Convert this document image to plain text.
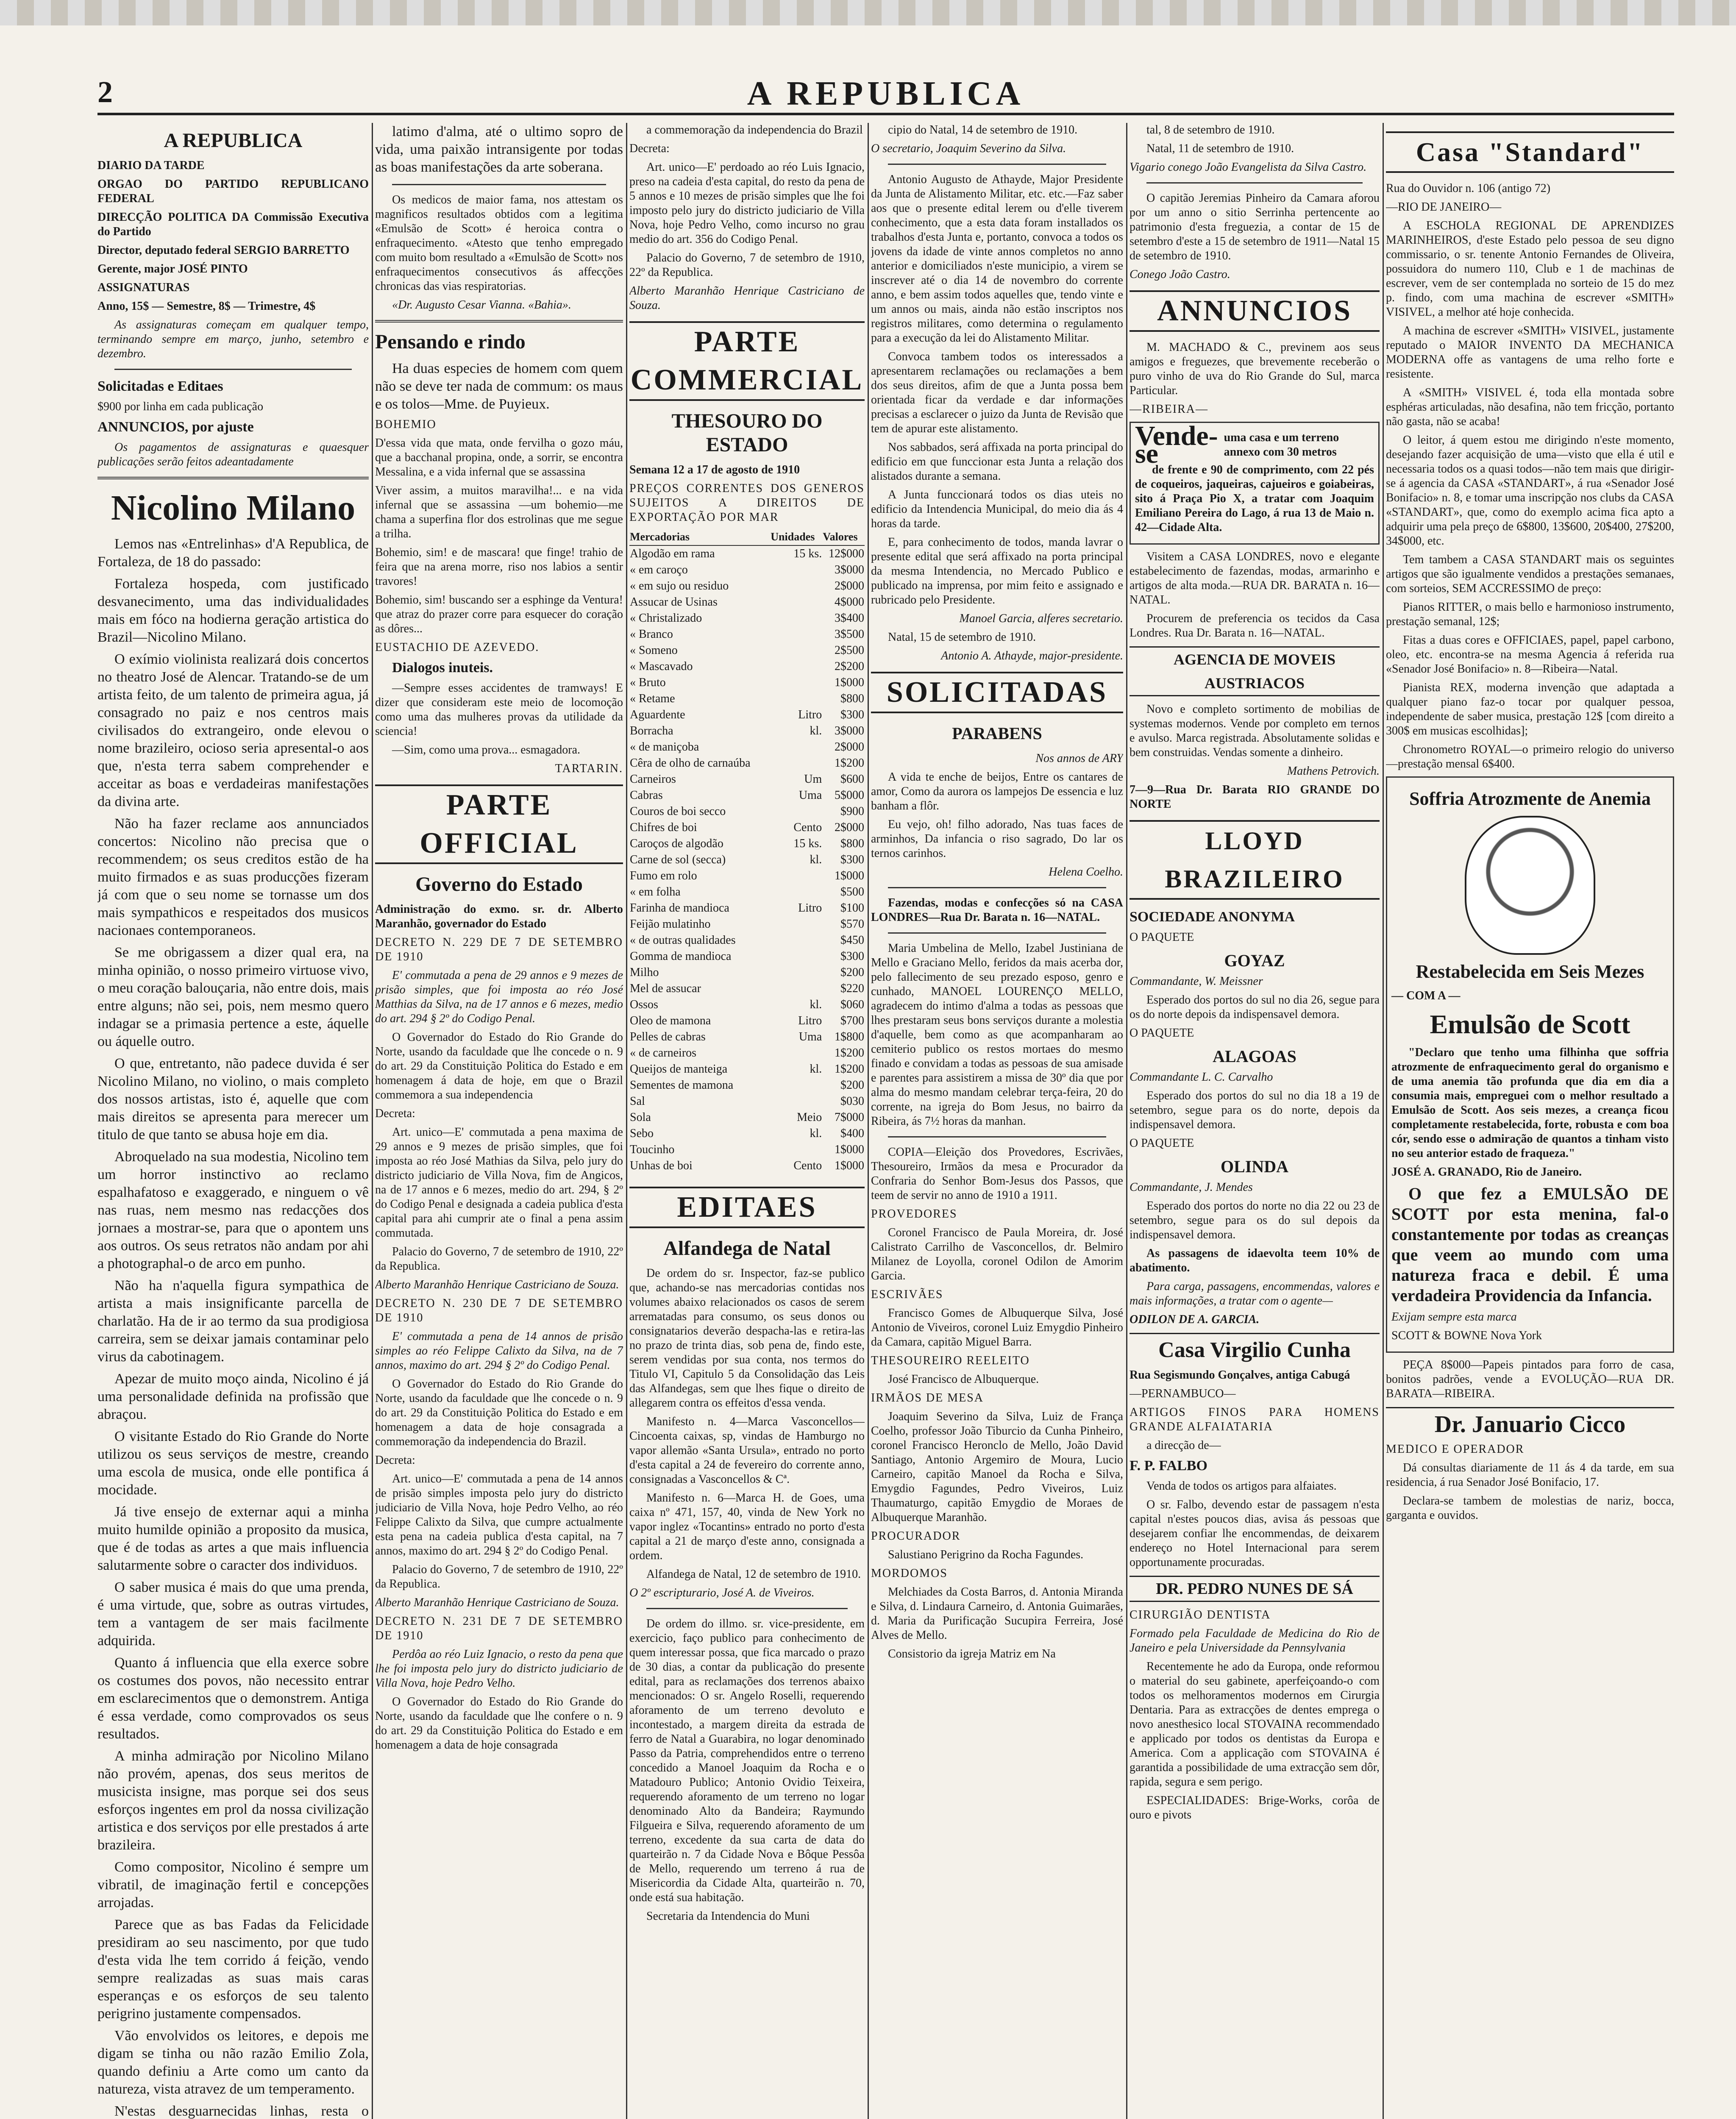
2	A REPUBLICA
A REPUBLICA

DIARIO DA TARDE

ORGAO DO PARTIDO REPUBLICANO FEDERAL

DIRECÇÃO POLITICA DA Commissão Executiva do Partido

Director, deputado federal SERGIO BARRETTO

Gerente, major JOSÉ PINTO

ASSIGNATURAS

Anno, 15$ — Semestre, 8$ — Trimestre, 4$

As assignaturas começam em qualquer tempo, terminando sempre em março, junho, setembro e dezembro.

Solicitadas e Editaes

$900 por linha em cada publicação

ANNUNCIOS, por ajuste

Os pagamentos de assignaturas e quaesquer publicações serão feitos adeantadamente

Nicolino Milano

Lemos nas «Entrelinhas» d'A Republica, de Fortaleza, de 18 do passado:

Fortaleza hospeda, com justificado desvanecimento, uma das individualidades mais em fóco na hodierna geração artistica do Brazil—Nicolino Milano.

O exímio violinista realizará dois concertos no theatro José de Alencar. Tratando-se de um artista feito, de um talento de primeira agua, já consagrado no paiz e nos centros mais civilisados do extrangeiro, onde elevou o nome brazileiro, ocioso seria apresental-o aos que, n'esta terra sabem comprehender e acceitar as boas e verdadeiras manifestações da divina arte.

Não ha fazer reclame aos annunciados concertos: Nicolino não precisa que o recommendem; os seus creditos estão de ha muito firmados e as suas producções fizeram já com que o seu nome se tornasse um dos mais sympathicos e respeitados dos musicos nacionaes contemporaneos.

Se me obrigassem a dizer qual era, na minha opinião, o nosso primeiro virtuose vivo, o meu coração balouçaria, não entre dois, mais entre alguns; não sei, pois, nem mesmo quero indagar se a primasia pertence a este, áquelle ou áquelle outro.

O que, entretanto, não padece duvida é ser Nicolino Milano, no violino, o mais completo dos nossos artistas, isto é, aquelle que com mais direitos se apresenta para merecer um titulo de que tanto se abusa hoje em dia.

Abroquelado na sua modestia, Nicolino tem um horror instinctivo ao reclamo espalhafatoso e exaggerado, e ninguem o vê nas ruas, nem mesmo nas redacções dos jornaes a mostrar-se, para que o apontem uns aos outros. Os seus retratos não andam por ahi a photographal-o de arco em punho.

Não ha n'aquella figura sympathica de artista a mais insignificante parcella de charlatão. Ha de ir ao termo da sua prodigiosa carreira, sem se deixar jamais contaminar pelo virus da cabotinagem.

Apezar de muito moço ainda, Nicolino é já uma personalidade definida na profissão que abraçou.

O visitante Estado do Rio Grande do Norte utilizou os seus serviços de mestre, creando uma escola de musica, onde elle pontifica á mocidade.

Já tive ensejo de externar aqui a minha muito humilde opinião a proposito da musica, que é de todas as artes a que mais influencia salutarmente sobre o caracter dos individuos.

O saber musica é mais do que uma prenda, é uma virtude, que, sobre as outras virtudes, tem a vantagem de ser mais facilmente adquirida.

Quanto á influencia que ella exerce sobre os costumes dos povos, não necessito entrar em esclarecimentos que o demonstrem. Antiga é essa verdade, como comprovados os seus resultados.

A minha admiração por Nicolino Milano não provém, apenas, dos seus meritos de musicista insigne, mas porque sei dos seus esforços ingentes em prol da nossa civilização artistica e dos serviços por elle prestados á arte brazileira.

Como compositor, Nicolino é sempre um vibratil, de imaginação fertil e concepções arrojadas.

Parece que as bas Fadas da Felicidade presidiram ao seu nascimento, por que tudo d'esta vida lhe tem corrido á feição, vendo sempre realizadas as suas mais caras esperanças e os esforços de seu talento perigrino justamente compensados.

Vão envolvidos os leitores, e depois me digam se tinha ou não razão Emilio Zola, quando definiu a Arte como um canto da natureza, vista atravez de um temperamento.

N'estas desguarnecidas linhas, resta o

latimo d'alma, até o ultimo sopro de vida, uma paixão intransigente por todas as boas manifestações da arte soberana.

Os medicos de maior fama, nos attestam os magnificos resultados obtidos com a legitima «Emulsão de Scott» é heroica contra o enfraquecimento. «Atesto que tenho empregado com muito bom resultado a «Emulsão de Scott» nos enfraquecimentos consecutivos ás affecções chronicas das vias respiratorias.

«Dr. Augusto Cesar Vianna. «Bahia».

Pensando e rindo

Ha duas especies de homem com quem não se deve ter nada de commum: os maus e os tolos—Mme. de Puyieux.

BOHEMIO

D'essa vida que mata, onde fervilha o gozo máu, que a bacchanal propina, onde, a sorrir, se encontra Messalina, e a vida infernal que se assassina

Viver assim, a muitos maravilha!... e na vida infernal que se assassina —um bohemio—me chama a superfina flor dos estrolinas que me segue a trilha.

Bohemio, sim! e de mascara! que finge! trahio de feira que na arena morre, riso nos labios a sentir travores!

Bohemio, sim! buscando ser a esphinge da Ventura! que atraz do prazer corre para esquecer do coração as dôres...

EUSTACHIO DE AZEVEDO.

Dialogos inuteis.

—Sempre esses accidentes de tramways! E dizer que consideram este meio de locomoção como uma das mulheres provas da utilidade da sciencia!

—Sim, como uma prova... esmagadora.

TARTARIN.

PARTE OFFICIAL
Governo do Estado

Administração do exmo. sr. dr. Alberto Maranhão, governador do Estado

DECRETO N. 229 DE 7 DE SETEMBRO DE 1910

E' commutada a pena de 29 annos e 9 mezes de prisão simples, que foi imposta ao réo José Matthias da Silva, na de 17 annos e 6 mezes, medio do art. 294 § 2º do Codigo Penal.

O Governador do Estado do Rio Grande do Norte, usando da faculdade que lhe concede o n. 9 do art. 29 da Constituição Politica do Estado e em homenagem á data de hoje, em que o Brazil commemora a sua independencia

Decreta:

Art. unico—E' commutada a pena maxima de 29 annos e 9 mezes de prisão simples, que foi imposta ao réo José Mathias da Silva, pelo jury do districto judiciario de Villa Nova, fim de Angicos, na de 17 annos e 6 mezes, medio do art. 294, § 2º do Codigo Penal e designada a cadeia publica d'esta capital para ahi cumprir ate o final a pena assim commutada.

Palacio do Governo, 7 de setembro de 1910, 22º da Republica.

Alberto Maranhão Henrique Castriciano de Souza.

DECRETO N. 230 DE 7 DE SETEMBRO DE 1910

E' commutada a pena de 14 annos de prisão simples ao réo Felippe Calixto da Silva, na de 7 annos, maximo do art. 294 § 2º do Codigo Penal.

O Governador do Estado do Rio Grande do Norte, usando da faculdade que lhe concede o n. 9 do art. 29 da Constituição Politica do Estado e em homenagem a data de hoje consagrada a commemoração da independencia do Brazil.

Decreta:

Art. unico—E' commutada a pena de 14 annos de prisão simples imposta pelo jury do districto judiciario de Villa Nova, hoje Pedro Velho, ao réo Felippe Calixto da Silva, que cumpre actualmente esta pena na cadeia publica d'esta capital, na 7 annos, maximo do art. 294 § 2º do Codigo Penal.

Palacio do Governo, 7 de setembro de 1910, 22º da Republica.

Alberto Maranhão Henrique Castriciano de Souza.

DECRETO N. 231 DE 7 DE SETEMBRO DE 1910

Perdôa ao réo Luiz Ignacio, o resto da pena que lhe foi imposta pelo jury do districto judiciario de Villa Nova, hoje Pedro Velho.

O Governador do Estado do Rio Grande do Norte, usando da faculdade que lhe confere o n. 9 do art. 29 da Constituição Politica do Estado e em homenagem a data de hoje consagrada

a commemoração da independencia do Brazil

Decreta:

Art. unico—E' perdoado ao réo Luis Ignacio, preso na cadeia d'esta capital, do resto da pena de 5 annos e 10 mezes de prisão simples que lhe foi imposto pelo jury do districto judiciario de Villa Nova, hoje Pedro Velho, como incurso no grau medio do art. 356 do Codigo Penal.

Palacio do Governo, 7 de setembro de 1910, 22º da Republica.

Alberto Maranhão Henrique Castriciano de Souza.

PARTE COMMERCIAL
THESOURO DO ESTADO

Semana 12 a 17 de agosto de 1910

PREÇOS CORRENTES DOS GENEROS SUJEITOS A DIREITOS DE EXPORTAÇÃO POR MAR

Mercadorias	Unidades	Valores
Algodão em rama	15 ks.	12$000
« em caroço		3$000
« em sujo ou residuo		2$000
Assucar de Usinas		4$000
« Christalizado		3$400
« Branco		3$500
« Someno		2$500
« Mascavado		2$200
« Bruto		1$000
« Retame		$800
Aguardente	Litro	$300
Borracha	kl.	3$000
« de maniçoba		2$000
Cêra de olho de carnaúba		1$200
Carneiros	Um	$600
Cabras	Uma	5$000
Couros de boi secco		$900
Chifres de boi	Cento	2$000
Caroços de algodão	15 ks.	$800
Carne de sol (secca)	kl.	$300
Fumo em rolo		1$000
« em folha		$500
Farinha de mandioca	Litro	$100
Feijão mulatinho		$570
« de outras qualidades		$450
Gomma de mandioca		$300
Milho		$200
Mel de assucar		$220
Ossos	kl.	$060
Oleo de mamona	Litro	$700
Pelles de cabras	Uma	1$800
« de carneiros		1$200
Queijos de manteiga	kl.	1$200
Sementes de mamona		$200
Sal		$030
Sola	Meio	7$000
Sebo	kl.	$400
Toucinho		1$000
Unhas de boi	Cento	1$000
EDITAES
Alfandega de Natal

De ordem do sr. Inspector, faz-se publico que, achando-se nas mercadorias contidas nos volumes abaixo relacionados os casos de serem arrematadas para consumo, os seus donos ou consignatarios deverão despacha-las e retira-las no prazo de trinta dias, sob pena de, findo este, serem vendidas por sua conta, nos termos do Titulo VI, Capitulo 5 da Consolidação das Leis das Alfandegas, sem que lhes fique o direito de allegarem contra os effeitos d'essa venda.

Manifesto n. 4—Marca Vasconcellos—Cincoenta caixas, sp, vindas de Hamburgo no vapor allemão «Santa Ursula», entrado no porto d'esta capital a 24 de fevereiro do corrente anno, consignadas a Vasconcellos & Cª.

Manifesto n. 6—Marca H. de Goes, uma caixa nº 471, 157, 40, vinda de New York no vapor inglez «Tocantins» entrado no porto d'esta capital a 21 de março d'este anno, consignada a ordem.

Alfandega de Natal, 12 de setembro de 1910.

O 2º escripturario, José A. de Viveiros.

De ordem do illmo. sr. vice-presidente, em exercicio, faço publico para conhecimento de quem interessar possa, que fica marcado o prazo de 30 dias, a contar da publicação do presente edital, para as reclamações dos terrenos abaixo mencionados: O sr. Angelo Roselli, requerendo aforamento de um terreno devoluto e incontestado, a margem direita da estrada de ferro de Natal a Guarabira, no logar denominado Passo da Patria, comprehendidos entre o terreno concedido a Manoel Joaquim da Rocha e o Matadouro Publico; Antonio Ovidio Teixeira, requerendo aforamento de um terreno no logar denominado Alto da Bandeira; Raymundo Filgueira e Silva, requerendo aforamento de um terreno, excedente da sua carta de data do quarteirão n. 7 da Cidade Nova e Bôque Pessôa de Mello, requerendo um terreno á rua de Misericordia da Cidade Alta, quarteirão n. 70, onde está sua habitação.

Secretaria da Intendencia do Muni

cipio do Natal, 14 de setembro de 1910.

O secretario, Joaquim Severino da Silva.

Antonio Augusto de Athayde, Major Presidente da Junta de Alistamento Militar, etc. etc.—Faz saber aos que o presente edital lerem ou d'elle tiverem conhecimento, que a esta data foram installados os trabalhos d'esta Junta e, portanto, convoca a todos os jovens da idade de vinte annos completos no anno anterior e domiciliados n'este municipio, a virem se inscrever até o dia 14 de novembro do corrente anno, e bem assim todos aquelles que, tendo vinte e um annos ou mais, ainda não estão inscriptos nos registros militares, como determina o regulamento para a execução da lei do Alistamento Militar.

Convoca tambem todos os interessados a apresentarem reclamações ou reclamações a bem dos seus direitos, afim de que a Junta possa bem orientada ficar da verdade e dar informações precisas a esclarecer o juizo da Junta de Revisão que tem de apurar este alistamento.

Nos sabbados, será affixada na porta principal do edificio em que funccionar esta Junta a relação dos alistados durante a semana.

A Junta funccionará todos os dias uteis no edificio da Intendencia Municipal, do meio dia ás 4 horas da tarde.

E, para conhecimento de todos, manda lavrar o presente edital que será affixado na porta principal da mesma Intendencia, no Mercado Publico e publicado na imprensa, por mim feito e assignado e rubricado pelo Presidente.

Manoel Garcia, alferes secretario.

Natal, 15 de setembro de 1910.

Antonio A. Athayde, major-presidente.

SOLICITADAS
PARABENS

Nos annos de ARY

A vida te enche de beijos, Entre os cantares de amor, Como da aurora os lampejos De essencia e luz banham a flôr.

Eu vejo, oh! filho adorado, Nas tuas faces de arminhos, Da infancia o riso sagrado, Do lar os ternos carinhos.

Helena Coelho.

Fazendas, modas e confecções só na CASA LONDRES—Rua Dr. Barata n. 16—NATAL.

Maria Umbelina de Mello, Izabel Justiniana de Mello e Graciano Mello, feridos da mais acerba dor, pelo fallecimento de seu prezado esposo, genro e cunhado, MANOEL LOURENÇO MELLO, agradecem do intimo d'alma a todas as pessoas que lhes prestaram seus bons serviços durante a molestia d'aquelle, bem como as que acompanharam ao cemiterio publico os restos mortaes do mesmo finado e convidam a todas as pessoas de sua amisade e parentes para assistirem a missa de 30º dia que por alma do mesmo mandam celebrar terça-feira, 20 do corrente, na igreja do Bom Jesus, no bairro da Ribeira, ás 7½ horas da manhan.

COPIA—Eleição dos Provedores, Escrivães, Thesoureiro, Irmãos da mesa e Procurador da Confraria do Senhor Bom-Jesus dos Passos, que teem de servir no anno de 1910 a 1911.

PROVEDORES

Coronel Francisco de Paula Moreira, dr. José Calistrato Carrilho de Vasconcellos, dr. Belmiro Milanez de Loyolla, coronel Odilon de Amorim Garcia.

ESCRIVÃES

Francisco Gomes de Albuquerque Silva, José Antonio de Viveiros, coronel Luiz Emygdio Pinheiro da Camara, capitão Miguel Barra.

THESOUREIRO REELEITO

José Francisco de Albuquerque.

IRMÃOS DE MESA

Joaquim Severino da Silva, Luiz de França Coelho, professor João Tiburcio da Cunha Pinheiro, coronel Francisco Heronclo de Mello, João David Santiago, Antonio Argemiro de Moura, Lucio Carneiro, capitão Manoel da Rocha e Silva, Emygdio Fagundes, Pedro Viveiros, Luiz Thaumaturgo, capitão Emygdio de Moraes de Albuquerque Maranhão.

PROCURADOR

Salustiano Perigrino da Rocha Fagundes.

MORDOMOS

Melchiades da Costa Barros, d. Antonia Miranda e Silva, d. Lindaura Carneiro, d. Antonia Guimarães, d. Maria da Purificação Sucupira Ferreira, José Alves de Mello.

Consistorio da igreja Matriz em Na

tal, 8 de setembro de 1910.

Natal, 11 de setembro de 1910.

Vigario conego João Evangelista da Silva Castro.

O capitão Jeremias Pinheiro da Camara aforou por um anno o sitio Serrinha pertencente ao patrimonio d'esta freguezia, a contar de 15 de setembro d'este a 15 de setembro de 1911—Natal 15 de setembro de 1910.

Conego João Castro.

ANNUNCIOS

M. MACHADO & C., previnem aos seus amigos e freguezes, que brevemente receberão o puro vinho de uva do Rio Grande do Sul, marca Particular.

—RIBEIRA—

Vende-se
uma casa e um terreno annexo com 30 metros

de frente e 90 de comprimento, com 22 pés de coqueiros, jaqueiras, cajueiros e goiabeiras, sito á Praça Pio X, a tratar com Joaquim Emiliano Pereira do Lago, á rua 13 de Maio n. 42—Cidade Alta.

Visitem a CASA LONDRES, novo e elegante estabelecimento de fazendas, modas, armarinho e artigos de alta moda.—RUA DR. BARATA n. 16—NATAL.

Procurem de preferencia os tecidos da Casa Londres. Rua Dr. Barata n. 16—NATAL.

AGENCIA DE MOVEIS AUSTRIACOS

Novo e completo sortimento de mobilias de systemas modernos. Vende por completo em ternos e avulso. Marca registrada. Absolutamente solidas e bem construidas. Vendas somente a dinheiro.

Mathens Petrovich.

7—9—Rua Dr. Barata RIO GRANDE DO NORTE

LLOYD BRAZILEIRO

SOCIEDADE ANONYMA

O PAQUETE

GOYAZ

Commandante, W. Meissner

Esperado dos portos do sul no dia 26, segue para os do norte depois da indispensavel demora.

O PAQUETE

ALAGOAS

Commandante L. C. Carvalho

Esperado dos portos do sul no dia 18 a 19 de setembro, segue para os do norte, depois da indispensavel demora.

O PAQUETE

OLINDA

Commandante, J. Mendes

Esperado dos portos do norte no dia 22 ou 23 de setembro, segue para os do sul depois da indispensavel demora.

As passagens de idaevolta teem 10% de abatimento.

Para carga, passagens, encommendas, valores e mais informações, a tratar com o agente—

ODILON DE A. GARCIA.

Casa Virgilio Cunha

Rua Segismundo Gonçalves, antiga Cabugá

—PERNAMBUCO—

ARTIGOS FINOS PARA HOMENS GRANDE ALFAIATARIA

a direcção de—

F. P. FALBO

Venda de todos os artigos para alfaiates.

O sr. Falbo, devendo estar de passagem n'esta capital n'estes poucos dias, avisa ás pessoas que desejarem confiar lhe encommendas, de deixarem endereço no Hotel Internacional para serem opportunamente procuradas.

DR. PEDRO NUNES DE SÁ

CIRURGIÃO DENTISTA

Formado pela Faculdade de Medicina do Rio de Janeiro e pela Universidade da Pennsylvania

Recentemente he ado da Europa, onde reformou o material do seu gabinete, aperfeiçoando-o com todos os melhoramentos modernos em Cirurgia Dentaria. Para as extracções de dentes emprega o novo anesthesico local STOVAINA recommendado e applicado por todos os dentistas da Europa e America. Com a applicação com STOVAINA é garantida a possibilidade de uma extracção sem dôr, rapida, segura e sem perigo.

ESPECIALIDADES: Brige-Works, corôa de ouro e pivots

Casa "Standard"

Rua do Ouvidor n. 106 (antigo 72)

—RIO DE JANEIRO—

A ESCHOLA REGIONAL DE APRENDIZES MARINHEIROS, d'este Estado pelo pessoa de seu digno commissario, o sr. tenente Antonio Fernandes de Oliveira, possuidora do numero 110, Club e 1 de machinas de escrever, vem de ser contemplada no sorteio de 15 do mez p. findo, com uma machina de escrever «SMITH» VISIVEL, a melhor até hoje conhecida.

A machina de escrever «SMITH» VISIVEL, justamente reputado o MAIOR INVENTO DA MECHANICA MODERNA offe as vantagens de uma relho forte e resistente.

A «SMITH» VISIVEL é, toda ella montada sobre esphéras articuladas, não desafina, não tem fricção, portanto não gasta, não se acaba!

O leitor, á quem estou me dirigindo n'este momento, desejando fazer acquisição de uma—visto que ella é util e necessaria todos os a quasi todos—não tem mais que dirigir-se á agencia da CASA «STANDART», á rua «Senador José Bonifacio» n. 8, e tomar uma inscripção nos clubs da CASA «STANDART», que, como do exemplo acima fica apto a adquirir uma pela preço de 6$800, 13$600, 20$400, 27$200, 34$000, etc.

Tem tambem a CASA STANDART mais os seguintes artigos que são igualmente vendidos a prestações semanaes, com sorteios, SEM ACCRESSIMO de preço:

Pianos RITTER, o mais bello e harmonioso instrumento, prestação semanal, 12$;

Fitas a duas cores e OFFICIAES, papel, papel carbono, oleo, etc. encontra-se na mesma Agencia á referida rua «Senador José Bonifacio» n. 8—Ribeira—Natal.

Pianista REX, moderna invenção que adaptada a qualquer piano faz-o tocar por qualquer pessoa, independente de saber musica, prestação 12$ [com direito a 300$ em musicas escolhidas];

Chronometro ROYAL—o primeiro relogio do universo—prestação mensal 6$400.

Soffria Atrozmente de Anemia
Restabelecida em Seis Mezes

— COM A —

Emulsão de Scott

"Declaro que tenho uma filhinha que soffria atrozmente de enfraquecimento geral do organismo e de uma anemia tão profunda que dia em dia a consumia mais, empreguei com o melhor resultado a Emulsão de Scott. Aos seis mezes, a creança ficou completamente restabelecida, forte, robusta e com boa cór, sendo esse o admiração de quantos a tinham visto no seu anterior estado de fraqueza."

JOSÉ A. GRANADO, Rio de Janeiro.

O que fez a EMULSÃO DE SCOTT por esta menina, fal-o constantemente por todas as creanças que veem ao mundo com uma natureza fraca e debil. É uma verdadeira Providencia da Infancia.

Exijam sempre esta marca

SCOTT & BOWNE Nova York

PEÇA 8$000—Papeis pintados para forro de casa, bonitos padrões, vende a EVOLUÇÃO—RUA DR. BARATA—RIBEIRA.

Dr. Januario Cicco

MEDICO E OPERADOR

Dá consultas diariamente de 11 ás 4 da tarde, em sua residencia, á rua Senador José Bonifacio, 17.

Declara-se tambem de molestias de nariz, bocca, garganta e ouvidos.
